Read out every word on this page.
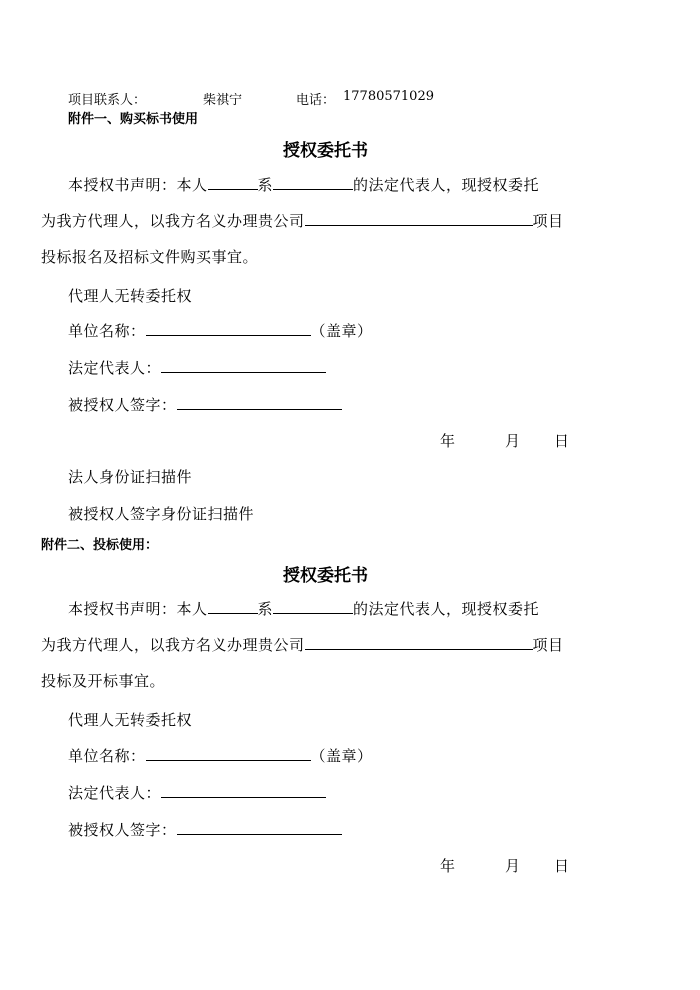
项目联系人：	柴祺宁	电话： 17780571029
附件一、购买标书使用
授权委托书
本授权书声明：本人	系	的法定代表人，现授权委托
为我方代理人，以我方名义办理贵公司	项目
投标报名及招标文件购买事宜。
代理人无转委托权
单位名称：	（盖章）
法定代表人：
被授权人签字：
年	月 日
法人身份证扫描件
被授权人签字身份证扫描件
附件二、投标使用：
授权委托书
本授权书声明：本人	系	的法定代表人，现授权委托
为我方代理人，以我方名义办理贵公司	项目
投标及开标事宜。
代理人无转委托权
单位名称：	（盖章）
法定代表人：
被授权人签字：
年	月 日
